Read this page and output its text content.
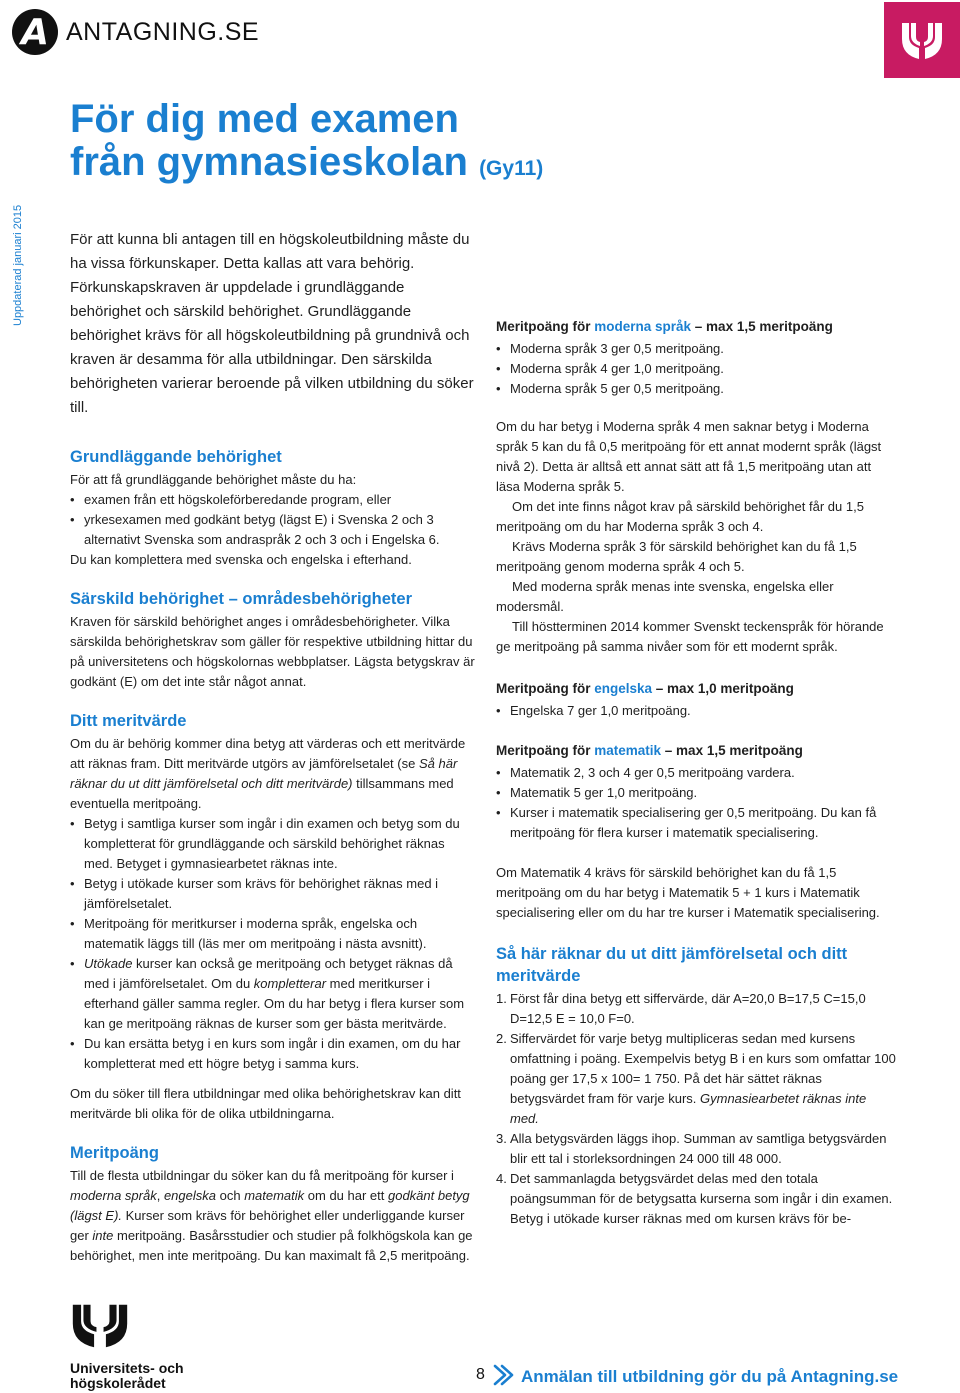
A ANTAGNING.SE
För dig med examen
från gymnasieskolan (Gy11)
Uppdaterad januari 2015	För att kunna bli antagen till en högskoleutbildning måste du ha vissa förkunskaper. Detta kallas att vara behörig. Förkunskapskraven är uppdelade i grundläggande behörighet och särskild behörighet. Grundläggande behörighet krävs för all högskoleutbildning på grundnivå och kraven är desamma för alla utbildningar. Den särskilda behörigheten varierar beroende på vilken utbildning du söker till.

Grundläggande behörighet

För att få grundläggande behörighet måste du ha:

• examen från ett högskoleförberedande program, eller
• yrkesexamen med godkänt betyg (lägst E) i Svenska 2 och 3 alternativt Svenska som andraspråk 2 och 3 och i Engelska 6.

Du kan komplettera med svenska och engelska i efterhand.

Särskild behörighet – områdesbehörigheter

Kraven för särskild behörighet anges i områdesbehörigheter. Vilka särskilda behörighetskrav som gäller för respektive utbildning hittar du på universitetens och högskolornas webbplatser. Lägsta betygskrav är godkänt (E) om det inte står något annat.

Ditt meritvärde

Om du är behörig kommer dina betyg att värderas och ett meritvärde att räknas fram. Ditt meritvärde utgörs av jämförelsetalet (se Så här räknar du ut ditt jämförelsetal och ditt meritvärde) tillsammans med eventuella meritpoäng.

• Betyg i samtliga kurser som ingår i din examen och betyg som du kompletterat för grundläggande och särskild behörighet räknas med. Betyget i gymnasiearbetet räknas inte.
• Betyg i utökade kurser som krävs för behörighet räknas med i jämförelsetalet.
• Meritpoäng för meritkurser i moderna språk, engelska och matematik läggs till (läs mer om meritpoäng i nästa avsnitt).
• Utökade kurser kan också ge meritpoäng och betyget räknas då med i jämförelsetalet. Om du kompletterar med meritkurser i efterhand gäller samma regler. Om du har betyg i flera kurser som kan ge meritpoäng räknas de kurser som ger bästa meritvärde.
• Du kan ersätta betyg i en kurs som ingår i din examen, om du har kompletterat med ett högre betyg i samma kurs.

Om du söker till flera utbildningar med olika behörighetskrav kan ditt meritvärde bli olika för de olika utbildningarna.

Meritpoäng

Till de flesta utbildningar du söker kan du få meritpoäng för kurser i moderna språk, engelska och matematik om du har ett godkänt betyg (lägst E). Kurser som krävs för behörighet eller underliggande kurser ger inte meritpoäng. Basårsstudier och studier på folkhögskola kan ge behörighet, men inte meritpoäng. Du kan maximalt få 2,5 meritpoäng.

Meritpoäng för moderna språk – max 1,5 meritpoäng
• Moderna språk 3 ger 0,5 meritpoäng.
• Moderna språk 4 ger 1,0 meritpoäng.
• Moderna språk 5 ger 0,5 meritpoäng.

Om du har betyg i Moderna språk 4 men saknar betyg i Moderna språk 5 kan du få 0,5 meritpoäng för ett annat modernt språk (lägst nivå 2). Detta är alltså ett annat sätt att få 1,5 meritpoäng utan att läsa Moderna språk 5.

Om det inte finns något krav på särskild behörighet får du 1,5 meritpoäng om du har Moderna språk 3 och 4.

Krävs Moderna språk 3 för särskild behörighet kan du få 1,5 meritpoäng genom moderna språk 4 och 5.

Med moderna språk menas inte svenska, engelska eller modersmål.

Till höstterminen 2014 kommer Svenskt teckenspråk för hörande ge meritpoäng på samma nivåer som för ett modernt språk.

Meritpoäng för engelska – max 1,0 meritpoäng
• Engelska 7 ger 1,0 meritpoäng.
Meritpoäng för matematik – max 1,5 meritpoäng
• Matematik 2, 3 och 4 ger 0,5 meritpoäng vardera.
• Matematik 5 ger 1,0 meritpoäng.
• Kurser i matematik specialisering ger 0,5 meritpoäng. Du kan få meritpoäng för flera kurser i matematik specialisering.

Om Matematik 4 krävs för särskild behörighet kan du få 1,5 meritpoäng om du har betyg i Matematik 5 + 1 kurs i Matematik specialisering eller om du har tre kurser i Matematik specialisering.

Så här räknar du ut ditt jämförelsetal och ditt meritvärde
1. Först får dina betyg ett siffervärde, där A=20,0 B=17,5 C=15,0 D=12,5 E = 10,0 F=0.
2. Siffervärdet för varje betyg multipliceras sedan med kursens omfattning i poäng. Exempelvis betyg B i en kurs som omfattar 100 poäng ger 17,5 x 100= 1 750. På det här sättet räknas betygsvärdet fram för varje kurs. Gymnasiearbetet räknas inte med.
3. Alla betygsvärden läggs ihop. Summan av samtliga betygsvärden blir ett tal i storleksordningen 24 000 till 48 000.
4. Det sammanlagda betygsvärdet delas med den totala poängsumman för de betygsatta kurserna som ingår i din examen. Betyg i utökade kurser räknas med om kursen krävs för be-
Universitets- och
högskolerådet	8 Anmälan till utbildning gör du på Antagning.se
